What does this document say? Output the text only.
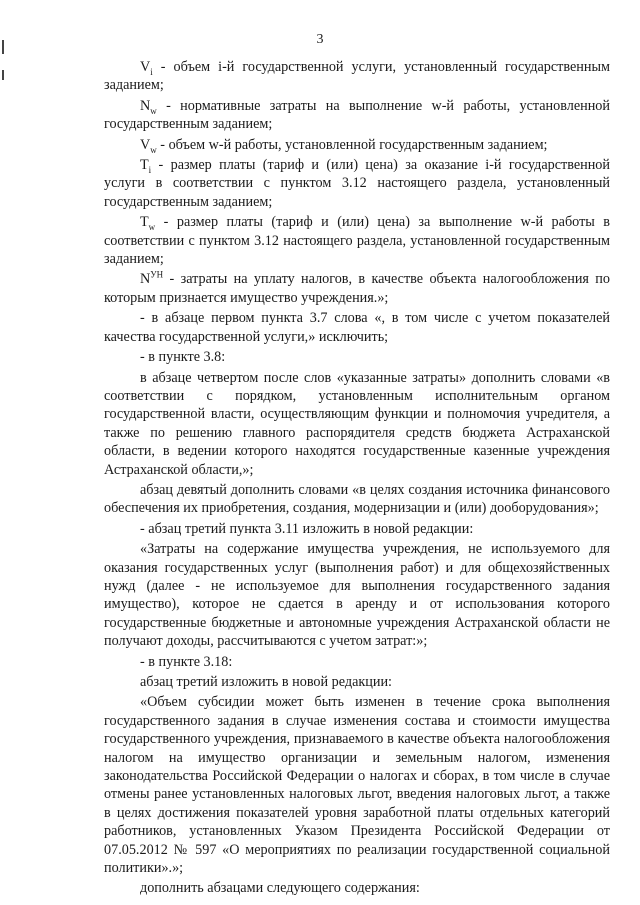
3

$V_i$ - объем i-й государственной услуги, установленный государственным заданием;

$N_w$ - нормативные затраты на выполнение w-й работы, установленной государственным заданием;

$V_w$ - объем w-й работы, установленной государственным заданием;

$T_i$ - размер платы (тариф и (или) цена) за оказание i-й государственной услуги в соответствии с пунктом 3.12 настоящего раздела, установленный государственным заданием;

$T_w$ - размер платы (тариф и (или) цена) за выполнение w-й работы в соответствии с пунктом 3.12 настоящего раздела, установленной государственным заданием;

$N^{УН}$ - затраты на уплату налогов, в качестве объекта налогообложения по которым признается имущество учреждения.»;

- в абзаце первом пункта 3.7 слова «, в том числе с учетом показателей качества государственной услуги,» исключить;

- в пункте 3.8:

в абзаце четвертом после слов «указанные затраты» дополнить словами «в соответствии с порядком, установленным исполнительным органом государственной власти, осуществляющим функции и полномочия учредителя, а также по решению главного распорядителя средств бюджета Астраханской области, в ведении которого находятся государственные казенные учреждения Астраханской области,»;

абзац девятый дополнить словами «в целях создания источника финансового обеспечения их приобретения, создания, модернизации и (или) дооборудования»;

- абзац третий пункта 3.11 изложить в новой редакции:

«Затраты на содержание имущества учреждения, не используемого для оказания государственных услуг (выполнения работ) и для общехозяйственных нужд (далее - не используемое для выполнения государственного задания имущество), которое не сдается в аренду и от использования которого государственные бюджетные и автономные учреждения Астраханской области не получают доходы, рассчитываются с учетом затрат:»;

- в пункте 3.18:

абзац третий изложить в новой редакции:

«Объем субсидии может быть изменен в течение срока выполнения государственного задания в случае изменения состава и стоимости имущества государственного учреждения, признаваемого в качестве объекта налогообложения налогом на имущество организации и земельным налогом, изменения законодательства Российской Федерации о налогах и сборах, в том числе в случае отмены ранее установленных налоговых льгот, введения налоговых льгот, а также в целях достижения показателей уровня заработной платы отдельных категорий работников, установленных Указом Президента Российской Федерации от 07.05.2012 № 597 «О мероприятиях по реализации государственной социальной политики».»;

дополнить абзацами следующего содержания:
